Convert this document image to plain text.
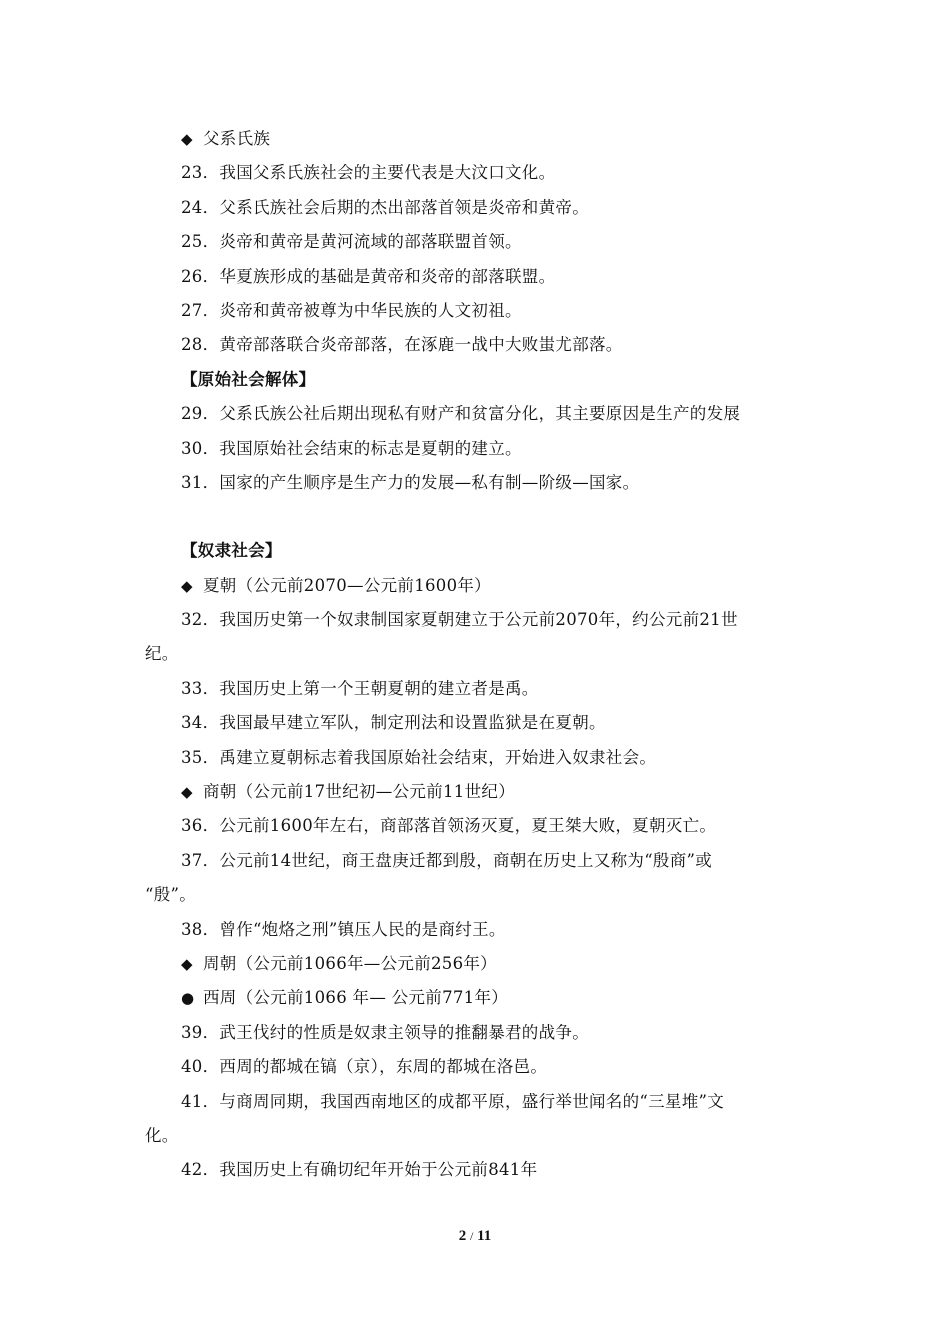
◆ 父系氏族
23．我国父系氏族社会的主要代表是大汶口文化。
24．父系氏族社会后期的杰出部落首领是炎帝和黄帝。
25．炎帝和黄帝是黄河流域的部落联盟首领。
26．华夏族形成的基础是黄帝和炎帝的部落联盟。
27．炎帝和黄帝被尊为中华民族的人文初祖。
28．黄帝部落联合炎帝部落，在涿鹿一战中大败蚩尤部落。
【原始社会解体】
29．父系氏族公社后期出现私有财产和贫富分化，其主要原因是生产的发展
30．我国原始社会结束的标志是夏朝的建立。
31．国家的产生顺序是生产力的发展—私有制—阶级—国家。
【奴隶社会】
◆ 夏朝（公元前2070—公元前1600年）
32．我国历史第一个奴隶制国家夏朝建立于公元前2070年，约公元前21世
纪。
33．我国历史上第一个王朝夏朝的建立者是禹。
34．我国最早建立军队，制定刑法和设置监狱是在夏朝。
35．禹建立夏朝标志着我国原始社会结束，开始进入奴隶社会。
◆ 商朝（公元前17世纪初—公元前11世纪）
36．公元前1600年左右，商部落首领汤灭夏，夏王桀大败，夏朝灭亡。
37．公元前14世纪，商王盘庚迁都到殷，商朝在历史上又称为“殷商”或
“殷”。
38．曾作“炮烙之刑”镇压人民的是商纣王。
◆ 周朝（公元前1066年—公元前256年）
● 西周（公元前1066 年— 公元前771年）
39．武王伐纣的性质是奴隶主领导的推翻暴君的战争。
40．西周的都城在镐（京），东周的都城在洛邑。
41．与商周同期，我国西南地区的成都平原，盛行举世闻名的“三星堆”文
化。
42．我国历史上有确切纪年开始于公元前841年
2 / 11
